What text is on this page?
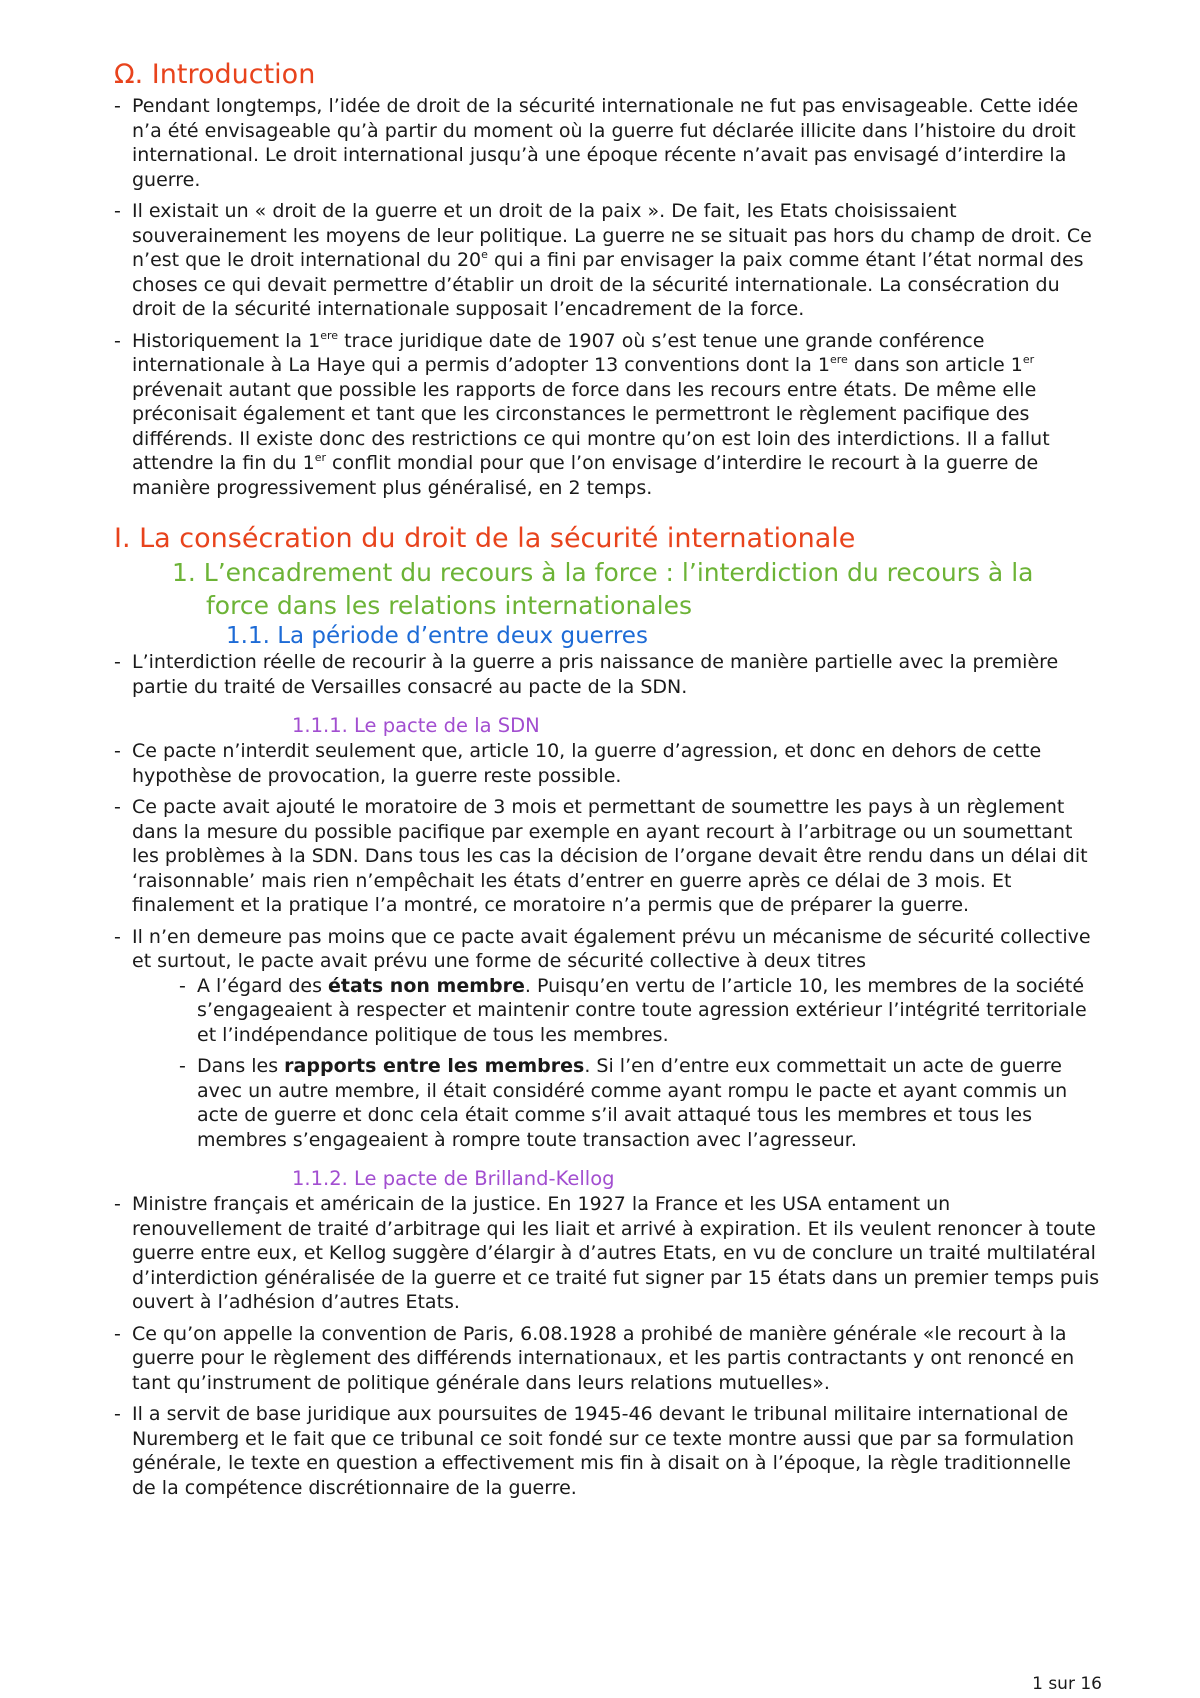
Ω. Introduction
- Pendant longtemps, l’idée de droit de la sécurité internationale ne fut pas envisageable. Cette idée n’a été envisageable qu’à partir du moment où la guerre fut déclarée illicite dans l’histoire du droit international. Le droit international jusqu’à une époque récente n’avait pas envisagé d’interdire la guerre.
- Il existait un « droit de la guerre et un droit de la paix ». De fait, les Etats choisissaient souverainement les moyens de leur politique. La guerre ne se situait pas hors du champ de droit. Ce n’est que le droit international du 20e qui a fini par envisager la paix comme étant l’état normal des choses ce qui devait permettre d’établir un droit de la sécurité internationale. La consécration du droit de la sécurité internationale supposait l’encadrement de la force.
- Historiquement la 1ere trace juridique date de 1907 où s’est tenue une grande conférence internationale à La Haye qui a permis d’adopter 13 conventions dont la 1ere dans son article 1er prévenait autant que possible les rapports de force dans les recours entre états. De même elle préconisait également et tant que les circonstances le permettront le règlement pacifique des différends. Il existe donc des restrictions ce qui montre qu’on est loin des interdictions. Il a fallut attendre la fin du 1er conflit mondial pour que l’on envisage d’interdire le recourt à la guerre de manière progressivement plus généralisé, en 2 temps.
I. La consécration du droit de la sécurité internationale
1. L’encadrement du recours à la force : l’interdiction du recours à la force dans les relations internationales
1.1. La période d’entre deux guerres
- L’interdiction réelle de recourir à la guerre a pris naissance de manière partielle avec la première partie du traité de Versailles consacré au pacte de la SDN.
1.1.1. Le pacte de la SDN
- Ce pacte n’interdit seulement que, article 10, la guerre d’agression, et donc en dehors de cette hypothèse de provocation, la guerre reste possible.
- Ce pacte avait ajouté le moratoire de 3 mois et permettant de soumettre les pays à un règlement dans la mesure du possible pacifique par exemple en ayant recourt à l’arbitrage ou un soumettant les problèmes à la SDN. Dans tous les cas la décision de l’organe devait être rendu dans un délai dit ‘raisonnable’ mais rien n’empêchait les états d’entrer en guerre après ce délai de 3 mois. Et finalement et la pratique l’a montré, ce moratoire n’a permis que de préparer la guerre.
- Il n’en demeure pas moins que ce pacte avait également prévu un mécanisme de sécurité collective et surtout, le pacte avait prévu une forme de sécurité collective à deux titres
- A l’égard des états non membre. Puisqu’en vertu de l’article 10, les membres de la société s’engageaient à respecter et maintenir contre toute agression extérieur l’intégrité territoriale et l’indépendance politique de tous les membres.
- Dans les rapports entre les membres. Si l’en d’entre eux commettait un acte de guerre avec un autre membre, il était considéré comme ayant rompu le pacte et ayant commis un acte de guerre et donc cela était comme s’il avait attaqué tous les membres et tous les membres s’engageaient à rompre toute transaction avec l’agresseur.
1.1.2. Le pacte de Brilland-Kellog
- Ministre français et américain de la justice. En 1927 la France et les USA entament un renouvellement de traité d’arbitrage qui les liait et arrivé à expiration. Et ils veulent renoncer à toute guerre entre eux, et Kellog suggère d’élargir à d’autres Etats, en vu de conclure un traité multilatéral d’interdiction généralisée de la guerre et ce traité fut signer par 15 états dans un premier temps puis ouvert à l’adhésion d’autres Etats.
- Ce qu’on appelle la convention de Paris, 6.08.1928 a prohibé de manière générale «le recourt à la guerre pour le règlement des différends internationaux, et les partis contractants y ont renoncé en tant qu’instrument de politique générale dans leurs relations mutuelles».
- Il a servit de base juridique aux poursuites de 1945-46 devant le tribunal militaire international de Nuremberg et le fait que ce tribunal ce soit fondé sur ce texte montre aussi que par sa formulation générale, le texte en question a effectivement mis fin à disait on à l’époque, la règle traditionnelle de la compétence discrétionnaire de la guerre.
1 sur 16
